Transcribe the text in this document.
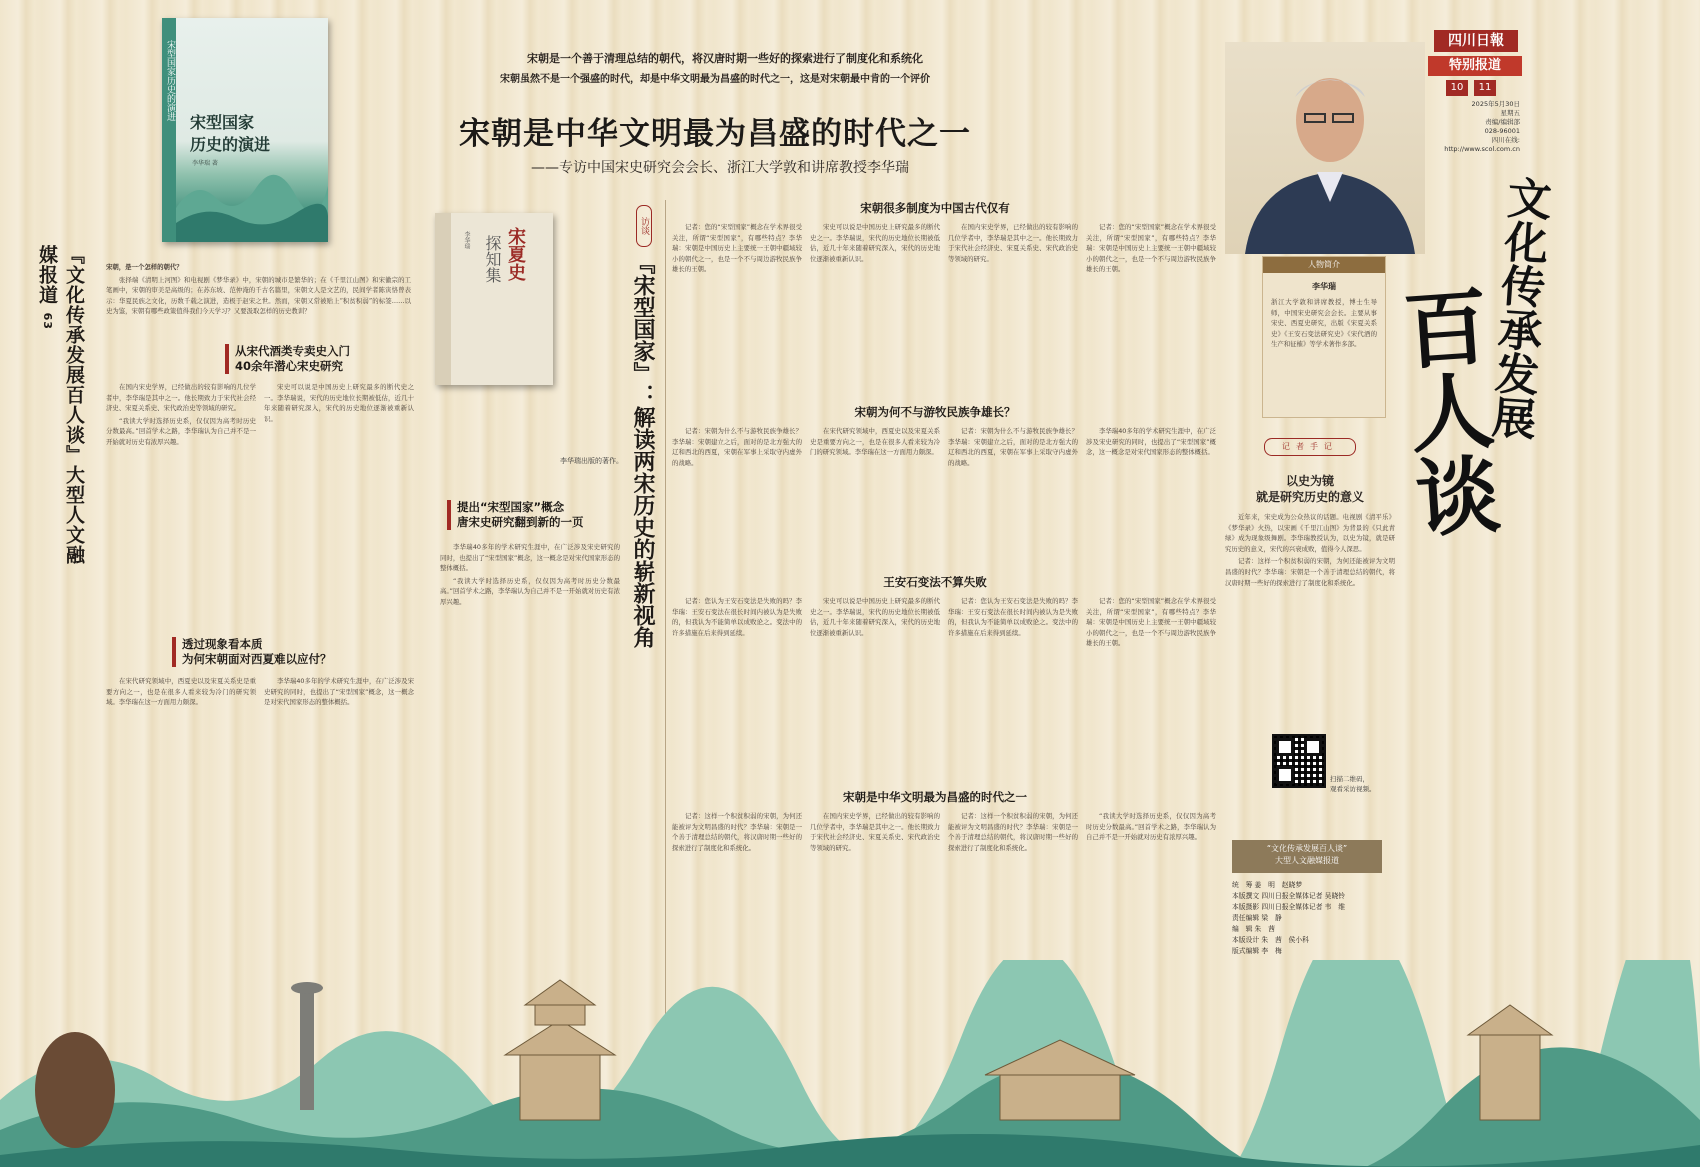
四川日報
特别报道
10	11
2025年5月30日
星期五
责编/编辑部
028-96001
四川在线:
http://www.scol.com.cn
宋朝是一个善于清理总结的朝代，将汉唐时期一些好的探索进行了制度化和系统化
宋朝虽然不是一个强盛的时代，却是中华文明最为昌盛的时代之一，这是对宋朝最中肯的一个评价
宋朝是中华文明最为昌盛的时代之一
——专访中国宋史研究会会长、浙江大学敦和讲席教授李华瑞
宋型国家历史的演进
宋型国家
历史的演进
李华瑞 著
宋夏史
探知集
李华瑞
李华瑞出版的著作。
『文化传承发展百人谈』大型人文融媒报道 63

宋朝，是一个怎样的朝代？

张择端《清明上河图》和电视剧《梦华录》中，宋朝的城市是繁华的；在《千里江山图》和宋徽宗的工笔画中，宋朝的审美是高级的；在苏东坡、范仲淹的千古名篇里，宋朝文人是文艺的，民间学者陈寅恪曾表示：华夏民族之文化，历数千载之演进，造极于赵宋之世。然而，宋朝又常被贴上“积贫积弱”的标签……以史为鉴，宋朝有哪些政策值得我们今天学习？又要汲取怎样的历史教训？

从宋代酒类专卖史入门
40余年潜心宋史研究

在国内宋史学界，已经做出的较有影响的几位学者中，李华瑞是其中之一。他长期致力于宋代社会经济史、宋夏关系史、宋代政治史等领域的研究。

“我读大学时选择历史系，仅仅因为高考时历史分数最高。”回首学术之路，李华瑞认为自己并不是一开始就对历史有浓厚兴趣。

宋史可以说是中国历史上研究最多的断代史之一。李华瑞说，宋代的历史地位长期被低估，近几十年来随着研究深入，宋代的历史地位逐渐被重新认识。

透过现象看本质
为何宋朝面对西夏难以应付？

在宋代研究领域中，西夏史以及宋夏关系史是重要方向之一，也是在很多人看来较为冷门的研究领域。李华瑞在这一方面用力颇深。

李华瑞40多年的学术研究生涯中，在广泛涉及宋史研究的同时，也提出了“宋型国家”概念，这一概念是对宋代国家形态的整体概括。

提出“宋型国家”概念
唐宋史研究翻到新的一页

李华瑞40多年的学术研究生涯中，在广泛涉及宋史研究的同时，也提出了“宋型国家”概念，这一概念是对宋代国家形态的整体概括。

“我读大学时选择历史系，仅仅因为高考时历史分数最高。”回首学术之路，李华瑞认为自己并不是一开始就对历史有浓厚兴趣。

访谈
『宋型国家』：解读两宋历史的崭新视角
宋朝很多制度为中国古代仅有

记者：您的“宋型国家”概念在学术界很受关注，所谓“宋型国家”，有哪些特点？李华瑞：宋朝是中国历史上主要统一王朝中疆域较小的朝代之一，也是一个不与周边游牧民族争雄长的王朝。

宋史可以说是中国历史上研究最多的断代史之一。李华瑞说，宋代的历史地位长期被低估，近几十年来随着研究深入，宋代的历史地位逐渐被重新认识。

在国内宋史学界，已经做出的较有影响的几位学者中，李华瑞是其中之一。他长期致力于宋代社会经济史、宋夏关系史、宋代政治史等领域的研究。

记者：您的“宋型国家”概念在学术界很受关注，所谓“宋型国家”，有哪些特点？李华瑞：宋朝是中国历史上主要统一王朝中疆域较小的朝代之一，也是一个不与周边游牧民族争雄长的王朝。

宋朝为何不与游牧民族争雄长？

记者：宋朝为什么不与游牧民族争雄长？李华瑞：宋朝建立之后，面对的是北方强大的辽和西北的西夏，宋朝在军事上采取守内虚外的战略。

在宋代研究领域中，西夏史以及宋夏关系史是重要方向之一，也是在很多人看来较为冷门的研究领域。李华瑞在这一方面用力颇深。

记者：宋朝为什么不与游牧民族争雄长？李华瑞：宋朝建立之后，面对的是北方强大的辽和西北的西夏，宋朝在军事上采取守内虚外的战略。

李华瑞40多年的学术研究生涯中，在广泛涉及宋史研究的同时，也提出了“宋型国家”概念，这一概念是对宋代国家形态的整体概括。

王安石变法不算失败

记者：您认为王安石变法是失败的吗？李华瑞：王安石变法在很长时间内被认为是失败的，但我认为不能简单以成败论之。变法中的许多措施在后来得到延续。

宋史可以说是中国历史上研究最多的断代史之一。李华瑞说，宋代的历史地位长期被低估，近几十年来随着研究深入，宋代的历史地位逐渐被重新认识。

记者：您认为王安石变法是失败的吗？李华瑞：王安石变法在很长时间内被认为是失败的，但我认为不能简单以成败论之。变法中的许多措施在后来得到延续。

记者：您的“宋型国家”概念在学术界很受关注，所谓“宋型国家”，有哪些特点？李华瑞：宋朝是中国历史上主要统一王朝中疆域较小的朝代之一，也是一个不与周边游牧民族争雄长的王朝。

宋朝是中华文明最为昌盛的时代之一

记者：这样一个积贫积弱的宋朝，为何还能被评为文明昌盛的时代？李华瑞：宋朝是一个善于清理总结的朝代，将汉唐时期一些好的探索进行了制度化和系统化。

在国内宋史学界，已经做出的较有影响的几位学者中，李华瑞是其中之一。他长期致力于宋代社会经济史、宋夏关系史、宋代政治史等领域的研究。

记者：这样一个积贫积弱的宋朝，为何还能被评为文明昌盛的时代？李华瑞：宋朝是一个善于清理总结的朝代，将汉唐时期一些好的探索进行了制度化和系统化。

“我读大学时选择历史系，仅仅因为高考时历史分数最高。”回首学术之路，李华瑞认为自己并不是一开始就对历史有浓厚兴趣。

人物简介
李华瑞
浙江大学敦和讲席教授，博士生导师，中国宋史研究会会长。主要从事宋史、西夏史研究，出版《宋夏关系史》《王安石变法研究史》《宋代酒的生产和征榷》等学术著作多部。	文化传承发展
百人谈
记者手记
以史为镜
就是研究历史的意义

近年来，宋史成为公众热议的话题。电视剧《清平乐》《梦华录》火热，以宋画《千里江山图》为背景的《只此青绿》成为现象级舞剧。李华瑞教授认为，以史为镜，就是研究历史的意义，宋代的兴衰成败，值得今人深思。

记者：这样一个积贫积弱的宋朝，为何还能被评为文明昌盛的时代？李华瑞：宋朝是一个善于清理总结的朝代，将汉唐时期一些好的探索进行了制度化和系统化。

扫描二维码，
观看采访视频。
“文化传承发展百人谈”
大型人文融媒报道
统　筹 姜　明　赵晓梦
本版撰文 四川日报全媒体记者 吴晓铃
本版摄影 四川日报全媒体记者 韦　维
责任编辑 梁　静
编　辑 朱　茜
本版设计 朱　茜　侯小科
版式编辑 李　梅
